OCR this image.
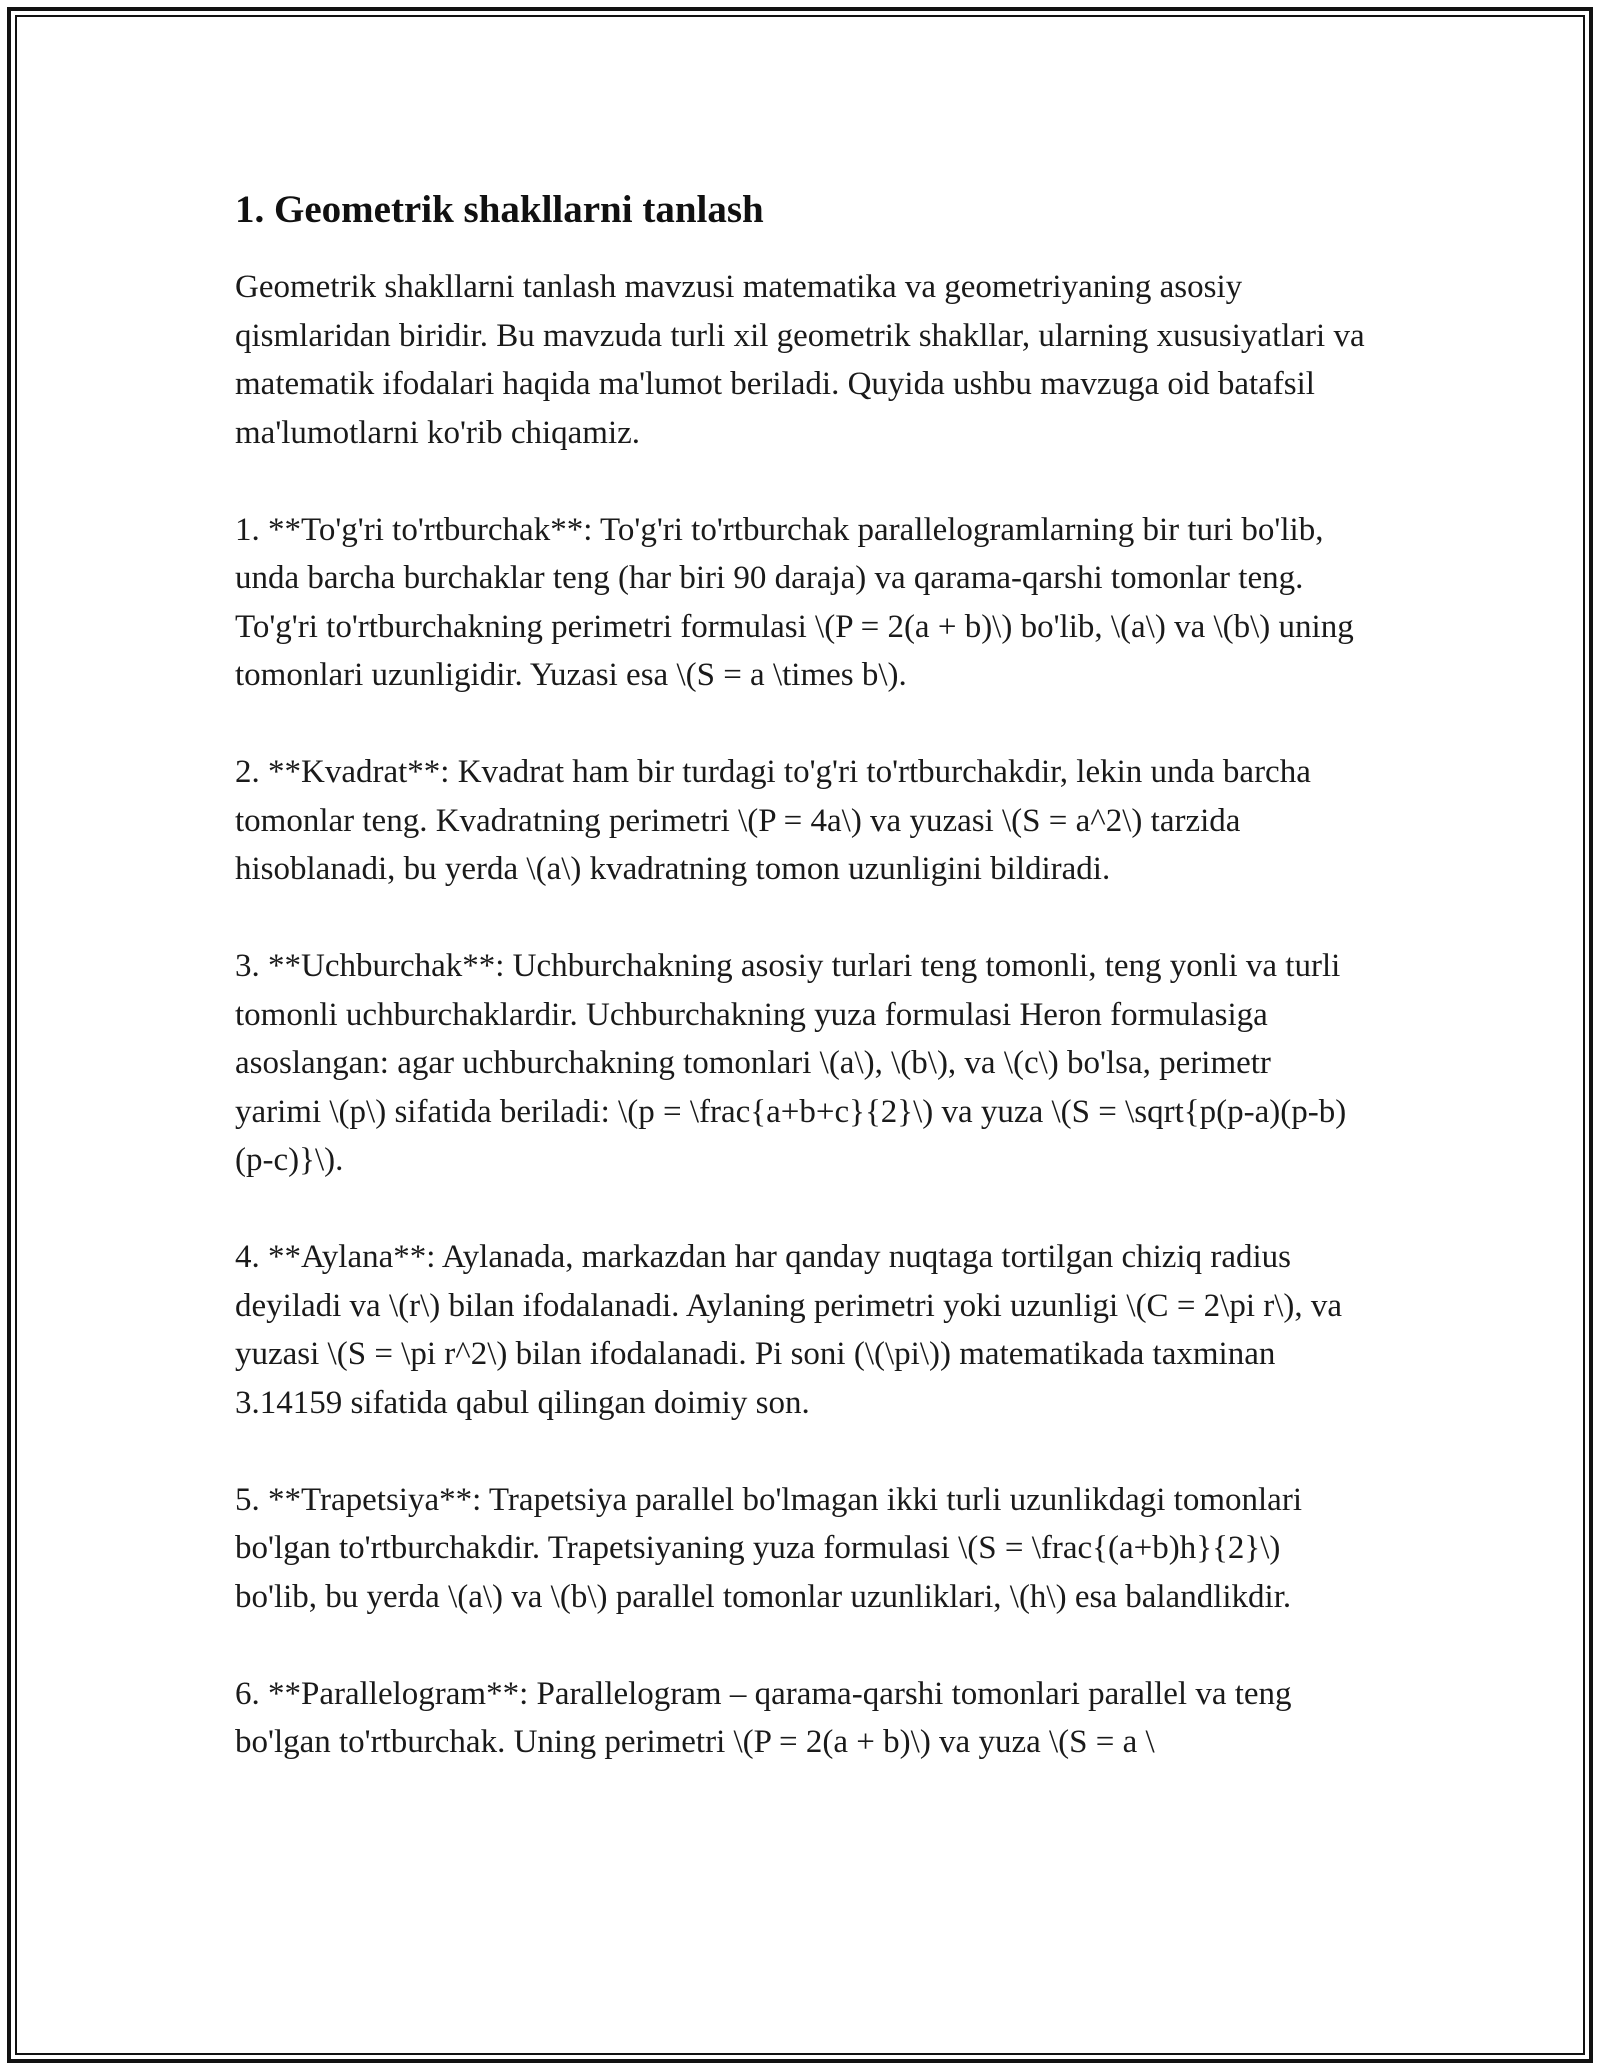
1. Geometrik shakllarni tanlash

Geometrik shakllarni tanlash mavzusi matematika va geometriyaning asosiy qismlaridan biridir. Bu mavzuda turli xil geometrik shakllar, ularning xususiyatlari va matematik ifodalari haqida ma'lumot beriladi. Quyida ushbu mavzuga oid batafsil ma'lumotlarni ko'rib chiqamiz.

1. **To'g'ri to'rtburchak**: To'g'ri to'rtburchak parallelogramlarning bir turi bo'lib, unda barcha burchaklar teng (har biri 90 daraja) va qarama-qarshi tomonlar teng. To'g'ri to'rtburchakning perimetri formulasi \(P = 2(a + b)\) bo'lib, \(a\) va \(b\) uning tomonlari uzunligidir. Yuzasi esa \(S = a \times b\).

2. **Kvadrat**: Kvadrat ham bir turdagi to'g'ri to'rtburchakdir, lekin unda barcha tomonlar teng. Kvadratning perimetri \(P = 4a\) va yuzasi \(S = a^2\) tarzida hisoblanadi, bu yerda \(a\) kvadratning tomon uzunligini bildiradi.

3. **Uchburchak**: Uchburchakning asosiy turlari teng tomonli, teng yonli va turli tomonli uchburchaklardir. Uchburchakning yuza formulasi Heron formulasiga asoslangan: agar uchburchakning tomonlari \(a\), \(b\), va \(c\) bo'lsa, perimetr yarimi \(p\) sifatida beriladi: \(p = \frac{a+b+c}{2}\) va yuza \(S = \sqrt{p(p-a)(p-b)(p-c)}\).

4. **Aylana**: Aylanada, markazdan har qanday nuqtaga tortilgan chiziq radius deyiladi va \(r\) bilan ifodalanadi. Aylaning perimetri yoki uzunligi \(C = 2\pi r\), va yuzasi \(S = \pi r^2\) bilan ifodalanadi. Pi soni (\(\pi\)) matematikada taxminan 3.14159 sifatida qabul qilingan doimiy son.

5. **Trapetsiya**: Trapetsiya parallel bo'lmagan ikki turli uzunlikdagi tomonlari bo'lgan to'rtburchakdir. Trapetsiyaning yuza formulasi \(S = \frac{(a+b)h}{2}\) bo'lib, bu yerda \(a\) va \(b\) parallel tomonlar uzunliklari, \(h\) esa balandlikdir.

6. **Parallelogram**: Parallelogram – qarama-qarshi tomonlari parallel va teng bo'lgan to'rtburchak. Uning perimetri \(P = 2(a + b)\) va yuza \(S = a \
